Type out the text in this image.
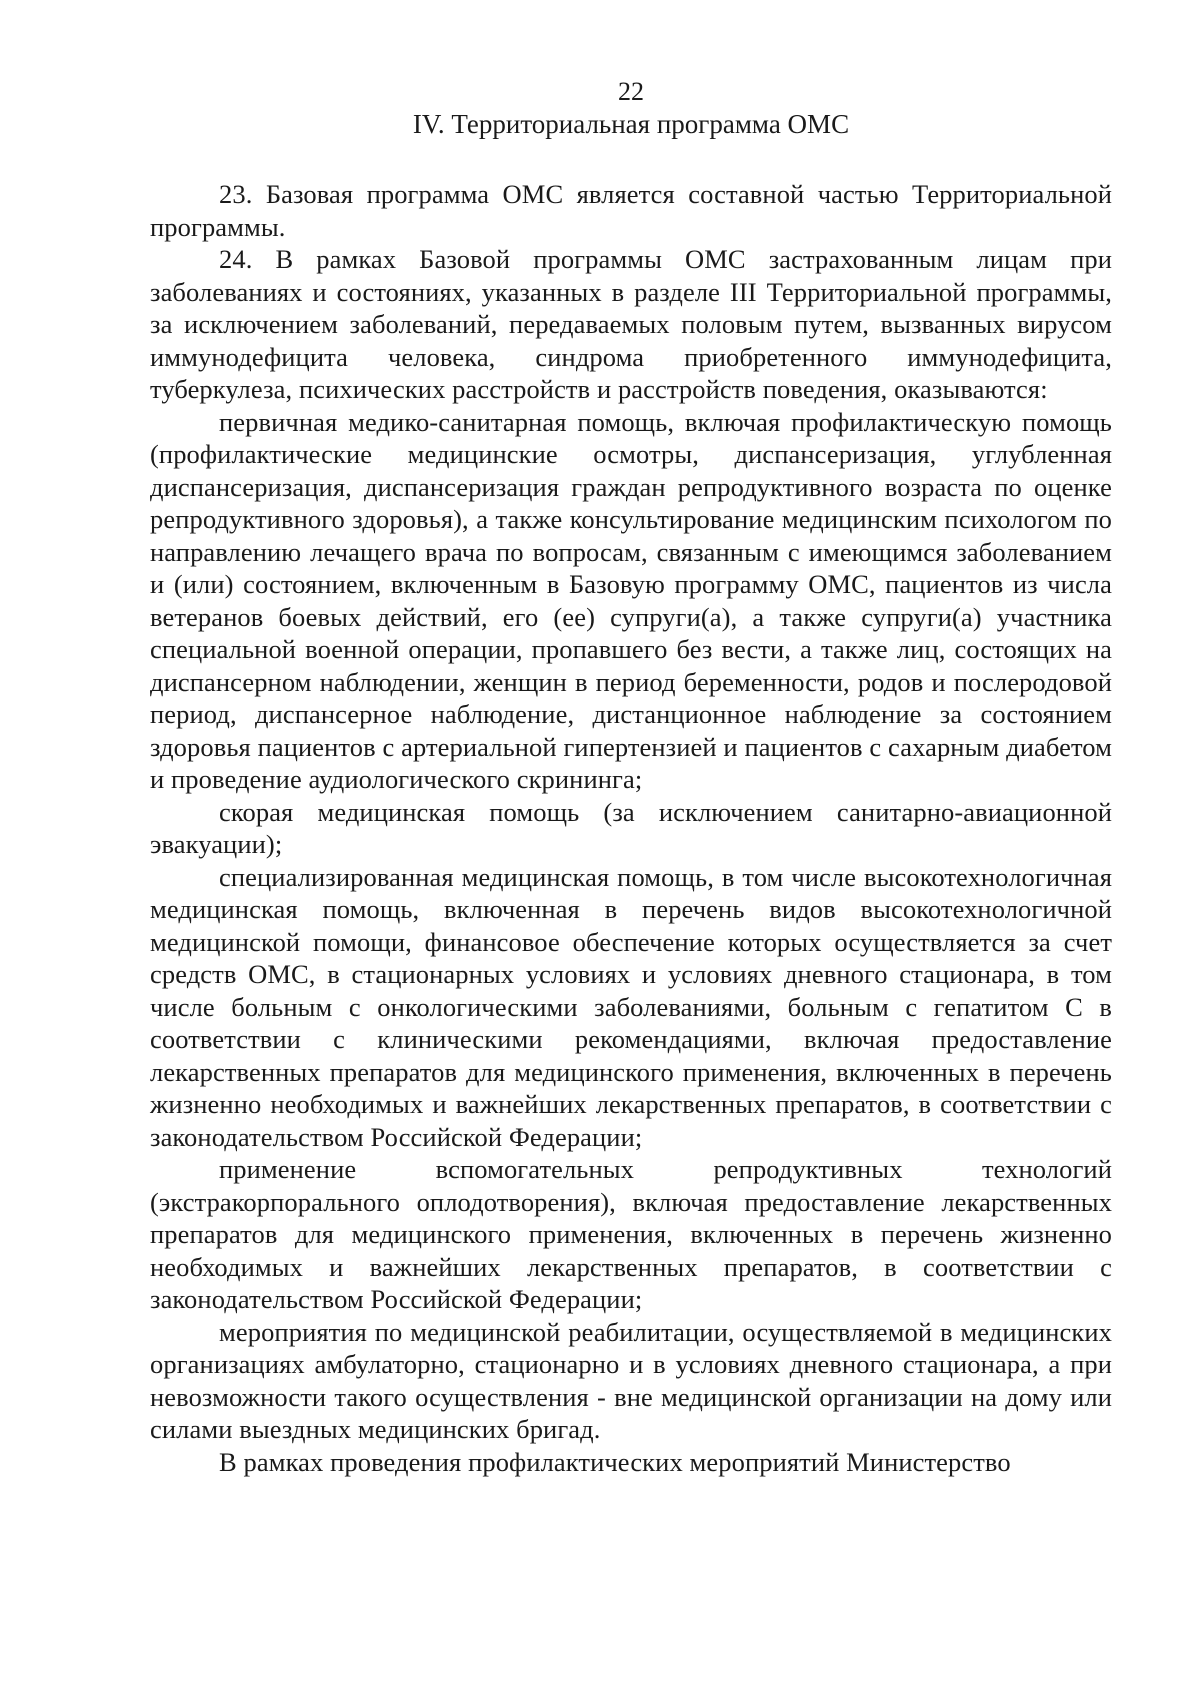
22
IV. Территориальная программа ОМС

23. Базовая программа ОМС является составной частью Территориальной программы.

24. В рамках Базовой программы ОМС застрахованным лицам при заболеваниях и состояниях, указанных в разделе III Территориальной программы, за исключением заболеваний, передаваемых половым путем, вызванных вирусом иммунодефицита человека, синдрома приобретенного иммунодефицита, туберкулеза, психических расстройств и расстройств поведения, оказываются:

первичная медико-санитарная помощь, включая профилактическую помощь (профилактические медицинские осмотры, диспансеризация, углубленная диспансеризация, диспансеризация граждан репродуктивного возраста по оценке репродуктивного здоровья), а также консультирование медицинским психологом по направлению лечащего врача по вопросам, связанным с имеющимся заболеванием и (или) состоянием, включенным в Базовую программу ОМС, пациентов из числа ветеранов боевых действий, его (ее) супруги(а), а также супруги(а) участника специальной военной операции, пропавшего без вести, а также лиц, состоящих на диспансерном наблюдении, женщин в период беременности, родов и послеродовой период, диспансерное наблюдение, дистанционное наблюдение за состоянием здоровья пациентов с артериальной гипертензией и пациентов с сахарным диабетом и проведение аудиологического скрининга;

скорая медицинская помощь (за исключением санитарно-авиационной эвакуации);

специализированная медицинская помощь, в том числе высокотехнологичная медицинская помощь, включенная в перечень видов высокотехнологичной медицинской помощи, финансовое обеспечение которых осуществляется за счет средств ОМС, в стационарных условиях и условиях дневного стационара, в том числе больным с онкологическими заболеваниями, больным с гепатитом С в соответствии с клиническими рекомендациями, включая предоставление лекарственных препаратов для медицинского применения, включенных в перечень жизненно необходимых и важнейших лекарственных препаратов, в соответствии с законодательством Российской Федерации;

применение вспомогательных репродуктивных технологий (экстракорпорального оплодотворения), включая предоставление лекарственных препаратов для медицинского применения, включенных в перечень жизненно необходимых и важнейших лекарственных препаратов, в соответствии с законодательством Российской Федерации;

мероприятия по медицинской реабилитации, осуществляемой в медицинских организациях амбулаторно, стационарно и в условиях дневного стационара, а при невозможности такого осуществления - вне медицинской организации на дому или силами выездных медицинских бригад.

В рамках проведения профилактических мероприятий Министерство
